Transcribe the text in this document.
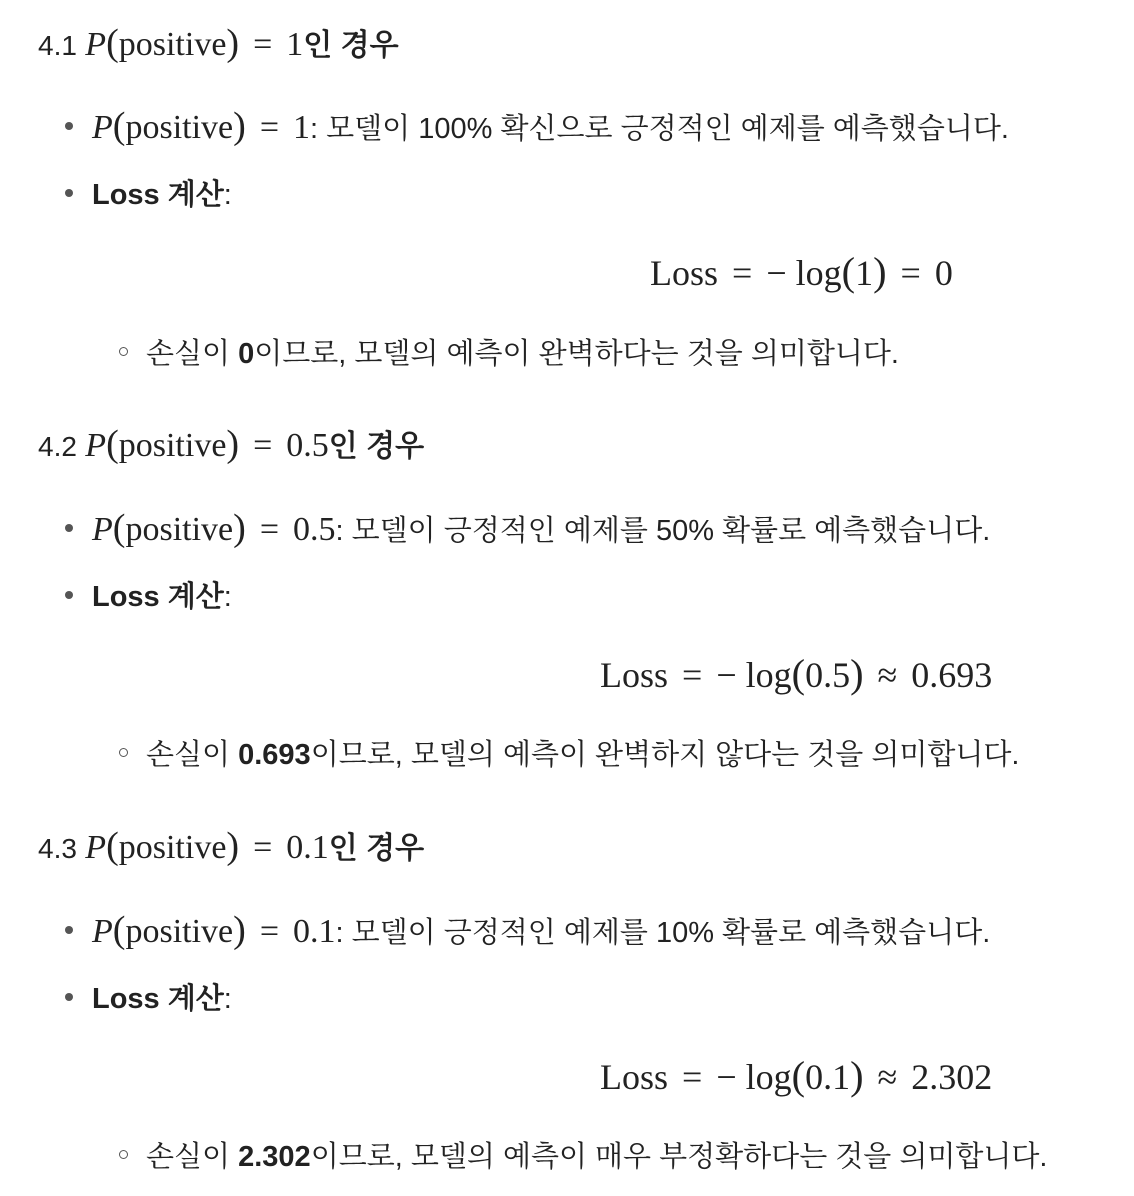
4.1 P(positive) = 1인 경우
P(positive) = 1: 모델이 100% 확신으로 긍정적인 예제를 예측했습니다.
Loss 계산:
Loss = − log(1) = 0
손실이 0이므로, 모델의 예측이 완벽하다는 것을 의미합니다.
4.2 P(positive) = 0.5인 경우
P(positive) = 0.5: 모델이 긍정적인 예제를 50% 확률로 예측했습니다.
Loss 계산:
Loss = − log(0.5) ≈ 0.693
손실이 0.693이므로, 모델의 예측이 완벽하지 않다는 것을 의미합니다.
4.3 P(positive) = 0.1인 경우
P(positive) = 0.1: 모델이 긍정적인 예제를 10% 확률로 예측했습니다.
Loss 계산:
Loss = − log(0.1) ≈ 2.302
손실이 2.302이므로, 모델의 예측이 매우 부정확하다는 것을 의미합니다.
